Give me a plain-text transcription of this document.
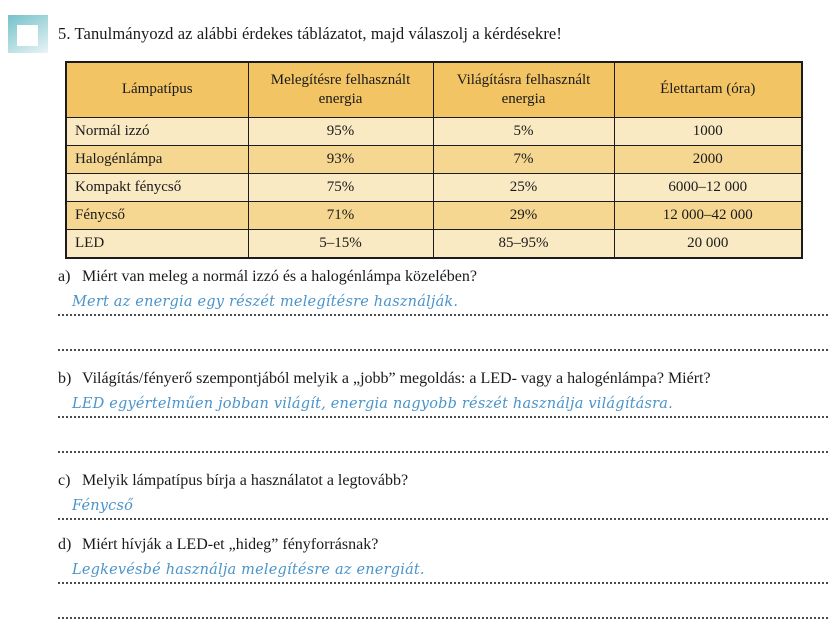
5. Tanulmányozd az alábbi érdekes táblázatot, majd válaszolj a kérdésekre!
Lámpatípus	Melegítésre felhasznált energia	Világításra felhasznált energia	Élettartam (óra)
Normál izzó	95%	5%	1000
Halogénlámpa	93%	7%	2000
Kompakt fénycső	75%	25%	6000–12 000
Fénycső	71%	29%	12 000–42 000
LED	5–15%	85–95%	20 000
a) Miért van meleg a normál izzó és a halogénlámpa közelében?
Mert az energia egy részét melegítésre használják.
b) Világítás/fényerő szempontjából melyik a „jobb” megoldás: a LED- vagy a halogénlámpa? Miért?
LED egyértelműen jobban világít, energia nagyobb részét használja világításra.
c) Melyik lámpatípus bírja a használatot a legtovább?
Fénycső
d) Miért hívják a LED-et „hideg” fényforrásnak?
Legkevésbé használja melegítésre az energiát.
